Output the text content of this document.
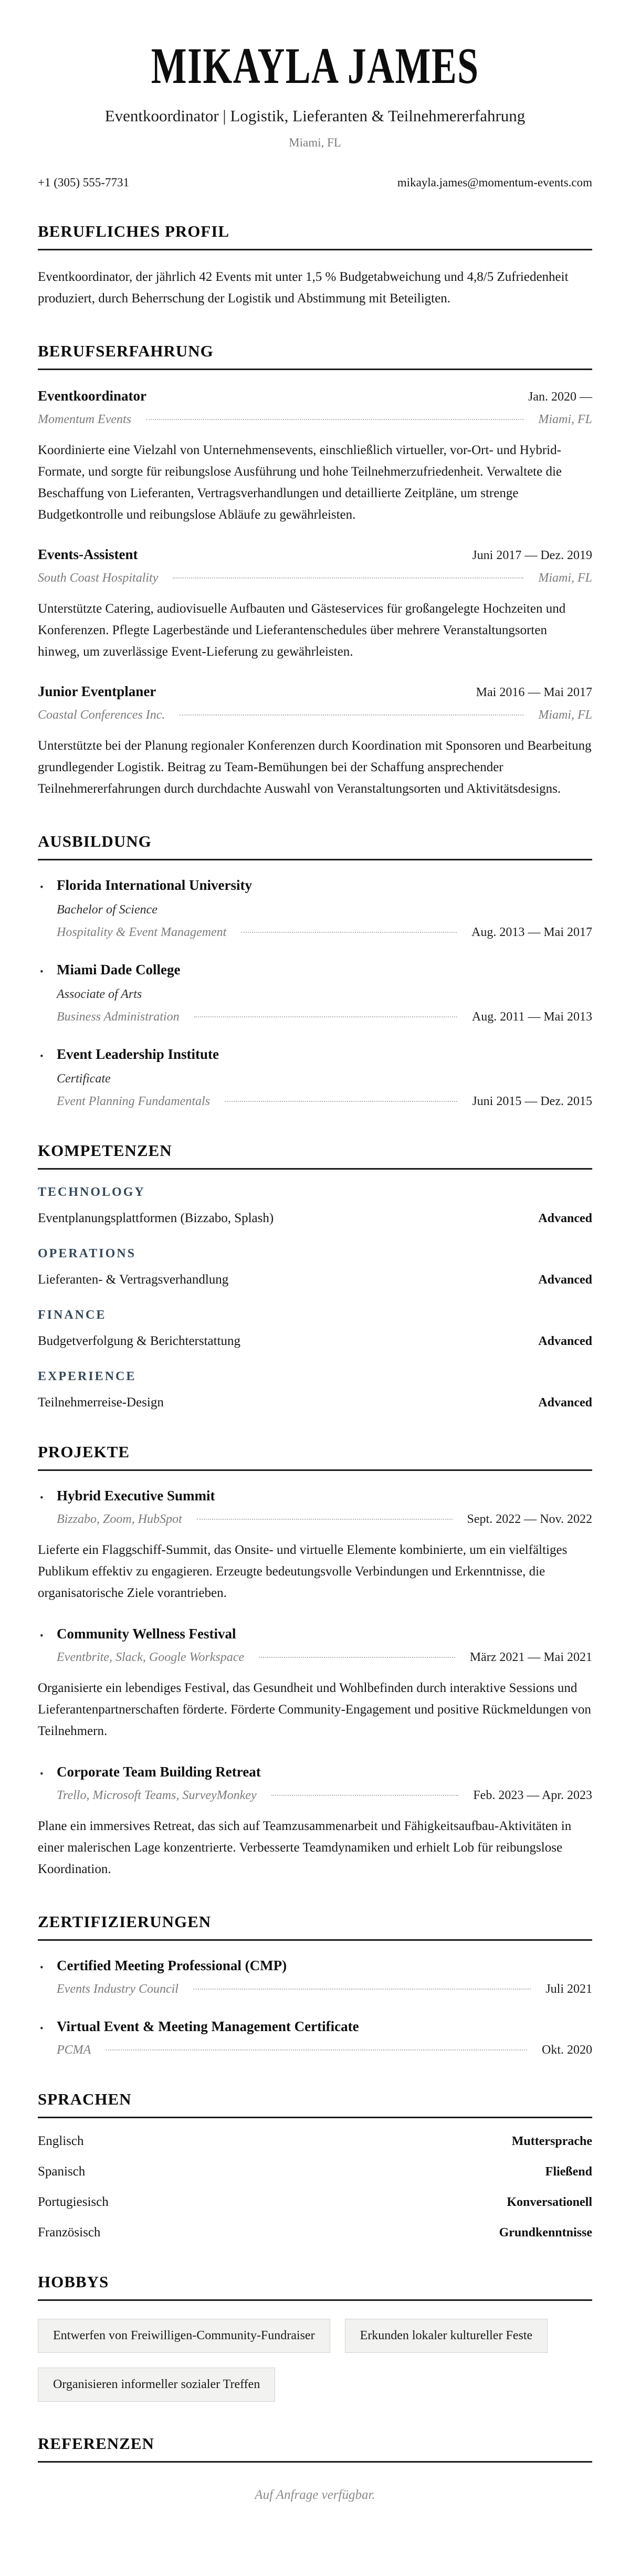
MIKAYLA JAMES
Eventkoordinator | Logistik, Lieferanten & Teilnehmererfahrung
Miami, FL
+1 (305) 555-7731	mikayla.james@momentum-events.com
BERUFLICHES PROFIL

Eventkoordinator, der jährlich 42 Events mit unter 1,5 % Budgetabweichung und 4,8/5 Zufriedenheit produziert, durch Beherrschung der Logistik und Abstimmung mit Beteiligten.

BERUFSERFAHRUNG
Eventkoordinator	Jan. 2020 —
Momentum Events	Miami, FL

Koordinierte eine Vielzahl von Unternehmensevents, einschließlich virtueller, vor-Ort- und Hybrid-Formate, und sorgte für reibungslose Ausführung und hohe Teilnehmerzufriedenheit. Verwaltete die Beschaffung von Lieferanten, Vertragsverhandlungen und detaillierte Zeitpläne, um strenge Budgetkontrolle und reibungslose Abläufe zu gewährleisten.

Events-Assistent	Juni 2017 — Dez. 2019
South Coast Hospitality	Miami, FL

Unterstützte Catering, audiovisuelle Aufbauten und Gästeservices für großangelegte Hochzeiten und Konferenzen. Pflegte Lagerbestände und Lieferantenschedules über mehrere Veranstaltungsorten hinweg, um zuverlässige Event-Lieferung zu gewährleisten.

Junior Eventplaner	Mai 2016 — Mai 2017
Coastal Conferences Inc.	Miami, FL

Unterstützte bei der Planung regionaler Konferenzen durch Koordination mit Sponsoren und Bearbeitung grundlegender Logistik. Beitrag zu Team-Bemühungen bei der Schaffung ansprechender Teilnehmererfahrungen durch durchdachte Auswahl von Veranstaltungsorten und Aktivitätsdesigns.

AUSBILDUNG
• Florida International University
Bachelor of Science
Hospitality & Event Management	Aug. 2013 — Mai 2017
• Miami Dade College
Associate of Arts
Business Administration	Aug. 2011 — Mai 2013
• Event Leadership Institute
Certificate
Event Planning Fundamentals	Juni 2015 — Dez. 2015
KOMPETENZEN
TECHNOLOGY
Eventplanungsplattformen (Bizzabo, Splash)	Advanced
OPERATIONS
Lieferanten- & Vertragsverhandlung	Advanced
FINANCE
Budgetverfolgung & Berichterstattung	Advanced
EXPERIENCE
Teilnehmerreise-Design	Advanced
PROJEKTE
• Hybrid Executive Summit
Bizzabo, Zoom, HubSpot	Sept. 2022 — Nov. 2022

Lieferte ein Flaggschiff-Summit, das Onsite- und virtuelle Elemente kombinierte, um ein vielfältiges Publikum effektiv zu engagieren. Erzeugte bedeutungsvolle Verbindungen und Erkenntnisse, die organisatorische Ziele vorantrieben.

• Community Wellness Festival
Eventbrite, Slack, Google Workspace	März 2021 — Mai 2021

Organisierte ein lebendiges Festival, das Gesundheit und Wohlbefinden durch interaktive Sessions und Lieferantenpartnerschaften förderte. Förderte Community-Engagement und positive Rückmeldungen von Teilnehmern.

• Corporate Team Building Retreat
Trello, Microsoft Teams, SurveyMonkey	Feb. 2023 — Apr. 2023

Plane ein immersives Retreat, das sich auf Teamzusammenarbeit und Fähigkeitsaufbau-Aktivitäten in einer malerischen Lage konzentrierte. Verbesserte Teamdynamiken und erhielt Lob für reibungslose Koordination.

ZERTIFIZIERUNGEN
• Certified Meeting Professional (CMP)
Events Industry Council	Juli 2021
• Virtual Event & Meeting Management Certificate
PCMA	Okt. 2020
SPRACHEN
Englisch	Muttersprache
Spanisch	Fließend
Portugiesisch	Konversationell
Französisch	Grundkenntnisse
HOBBYS
Entwerfen von Freiwilligen-Community-Fundraiser	Erkunden lokaler kultureller Feste
Organisieren informeller sozialer Treffen
REFERENZEN
Auf Anfrage verfügbar.
